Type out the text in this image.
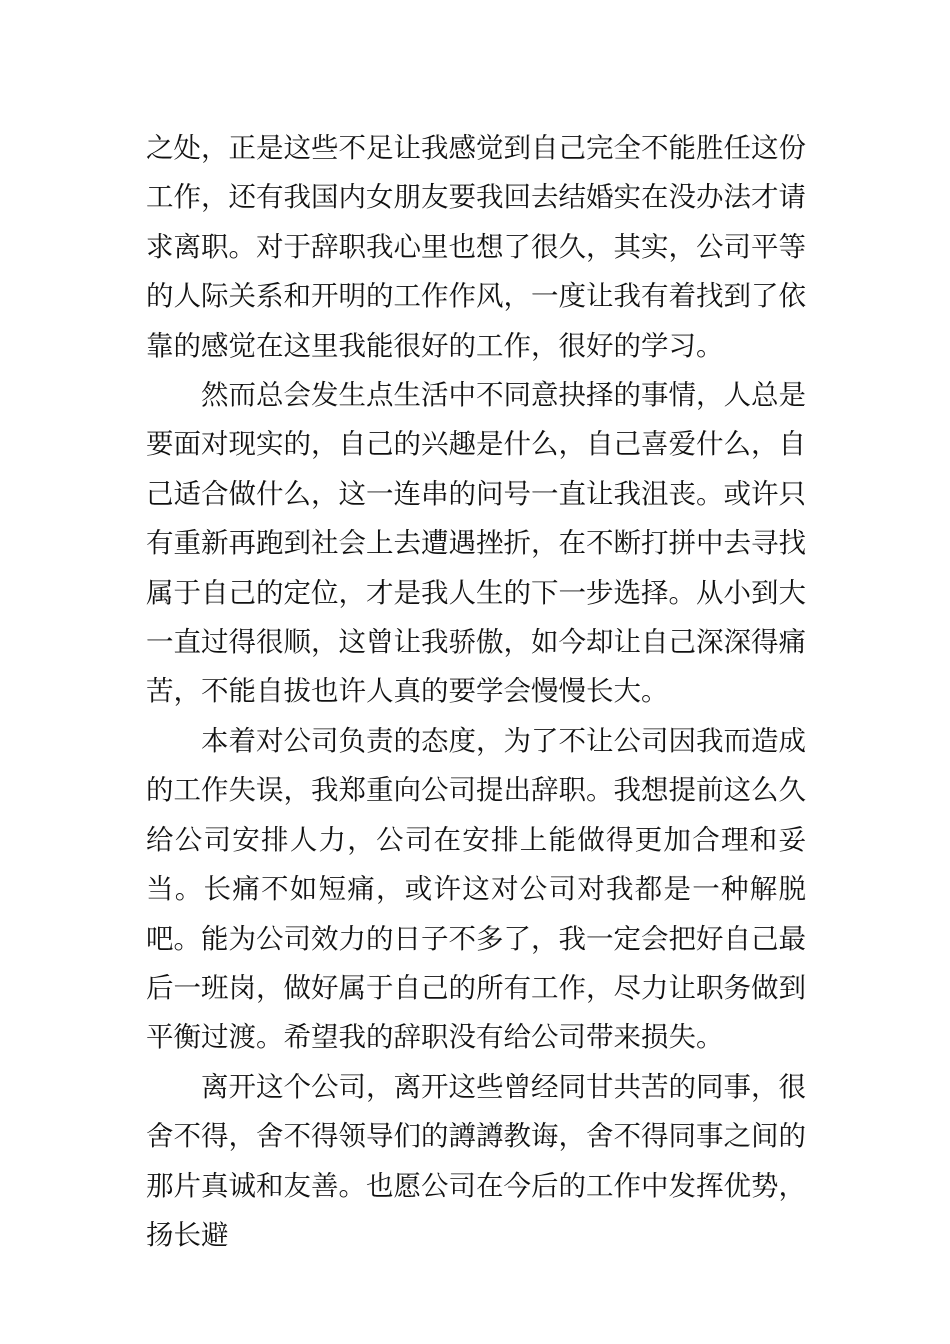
之处，正是这些不足让我感觉到自己完全不能胜任这份工作，还有我国内女朋友要我回去结婚实在没办法才请求离职。对于辞职我心里也想了很久，其实，公司平等的人际关系和开明的工作作风，一度让我有着找到了依靠的感觉在这里我能很好的工作，很好的学习。

然而总会发生点生活中不同意抉择的事情，人总是要面对现实的，自己的兴趣是什么，自己喜爱什么，自己适合做什么，这一连串的问号一直让我沮丧。或许只有重新再跑到社会上去遭遇挫折，在不断打拼中去寻找属于自己的定位，才是我人生的下一步选择。从小到大一直过得很顺，这曾让我骄傲，如今却让自己深深得痛苦，不能自拔也许人真的要学会慢慢长大。

本着对公司负责的态度，为了不让公司因我而造成的工作失误，我郑重向公司提出辞职。我想提前这么久给公司安排人力，公司在安排上能做得更加合理和妥当。长痛不如短痛，或许这对公司对我都是一种解脱吧。能为公司效力的日子不多了，我一定会把好自己最后一班岗，做好属于自己的所有工作，尽力让职务做到平衡过渡。希望我的辞职没有给公司带来损失。

离开这个公司，离开这些曾经同甘共苦的同事，很舍不得，舍不得领导们的譐譐教诲，舍不得同事之间的那片真诚和友善。也愿公司在今后的工作中发挥优势，扬长避
